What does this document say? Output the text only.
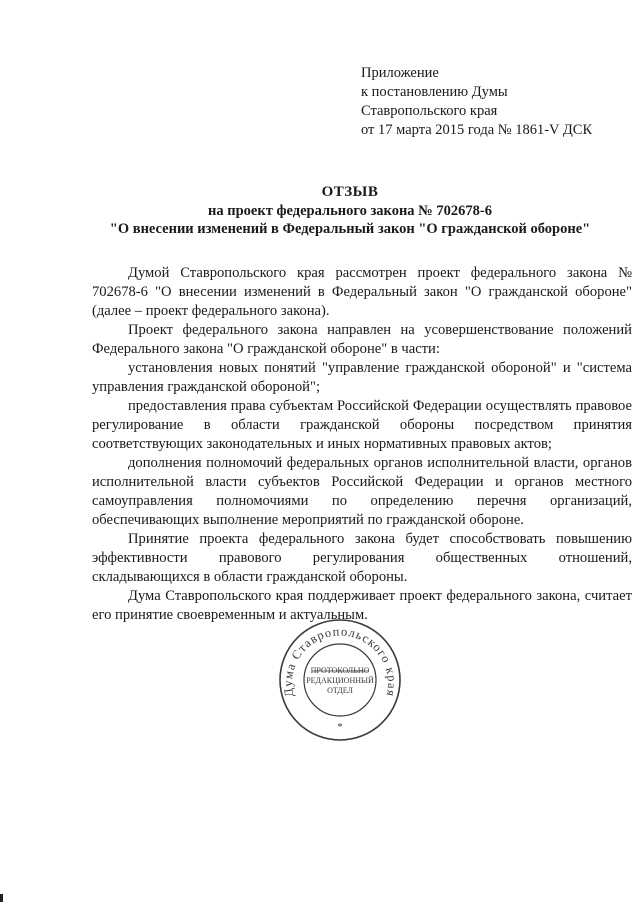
Приложение
к постановлению Думы
Ставропольского края
от 17 марта 2015 года № 1861-V ДСК
ОТЗЫВ
на проект федерального закона № 702678-6
"О внесении изменений в Федеральный закон "О гражданской обороне"

Думой Ставропольского края рассмотрен проект федерального закона № 702678-6 "О внесении изменений в Федеральный закон "О гражданской обороне" (далее – проект федерального закона).

Проект федерального закона направлен на усовершенствование положений Федерального закона "О гражданской обороне" в части:

установления новых понятий "управление гражданской обороной" и "система управления гражданской обороной";

предоставления права субъектам Российской Федерации осуществлять правовое регулирование в области гражданской обороны посредством принятия соответствующих законодательных и иных нормативных правовых актов;

дополнения полномочий федеральных органов исполнительной власти, органов исполнительной власти субъектов Российской Федерации и органов местного самоуправления полномочиями по определению перечня организаций, обеспечивающих выполнение мероприятий по гражданской обороне.

Принятие проекта федерального закона будет способствовать повышению эффективности правового регулирования общественных отношений, складывающихся в области гражданской обороны.

Дума Ставропольского края поддерживает проект федерального закона, считает его принятие своевременным и актуальным.

Дума Ставропольского края
ПРОТОКОЛЬНО
РЕДАКЦИОННЫЙ
ОТДЕЛ
*
